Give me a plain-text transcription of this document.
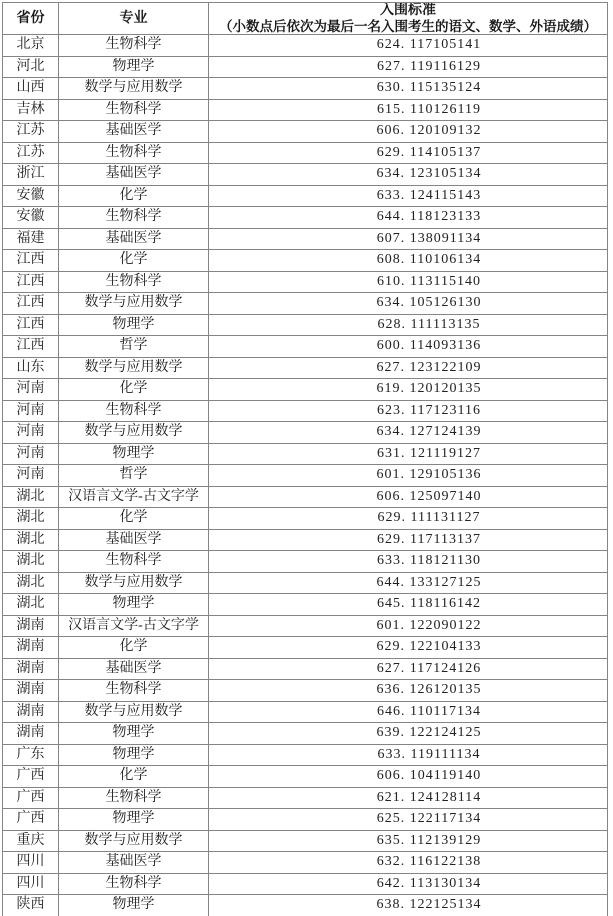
省份	专业	入围标准
（小数点后依次为最后一名入围考生的语文、数学、外语成绩）

北京	生物科学	624. 117105141
河北	物理学	627. 119116129
山西	数学与应用数学	630. 115135124
吉林	生物科学	615. 110126119
江苏	基础医学	606. 120109132
江苏	生物科学	629. 114105137
浙江	基础医学	634. 123105134
安徽	化学	633. 124115143
安徽	生物科学	644. 118123133
福建	基础医学	607. 138091134
江西	化学	608. 110106134
江西	生物科学	610. 113115140
江西	数学与应用数学	634. 105126130
江西	物理学	628. 111113135
江西	哲学	600. 114093136
山东	数学与应用数学	627. 123122109
河南	化学	619. 120120135
河南	生物科学	623. 117123116
河南	数学与应用数学	634. 127124139
河南	物理学	631. 121119127
河南	哲学	601. 129105136
湖北	汉语言文学-古文字学	606. 125097140
湖北	化学	629. 111131127
湖北	基础医学	629. 117113137
湖北	生物科学	633. 118121130
湖北	数学与应用数学	644. 133127125
湖北	物理学	645. 118116142
湖南	汉语言文学-古文字学	601. 122090122
湖南	化学	629. 122104133
湖南	基础医学	627. 117124126
湖南	生物科学	636. 126120135
湖南	数学与应用数学	646. 110117134
湖南	物理学	639. 122124125
广东	物理学	633. 119111134
广西	化学	606. 104119140
广西	生物科学	621. 124128114
广西	物理学	625. 122117134
重庆	数学与应用数学	635. 112139129
四川	基础医学	632. 116122138
四川	生物科学	642. 113130134
陕西	物理学	638. 122125134
